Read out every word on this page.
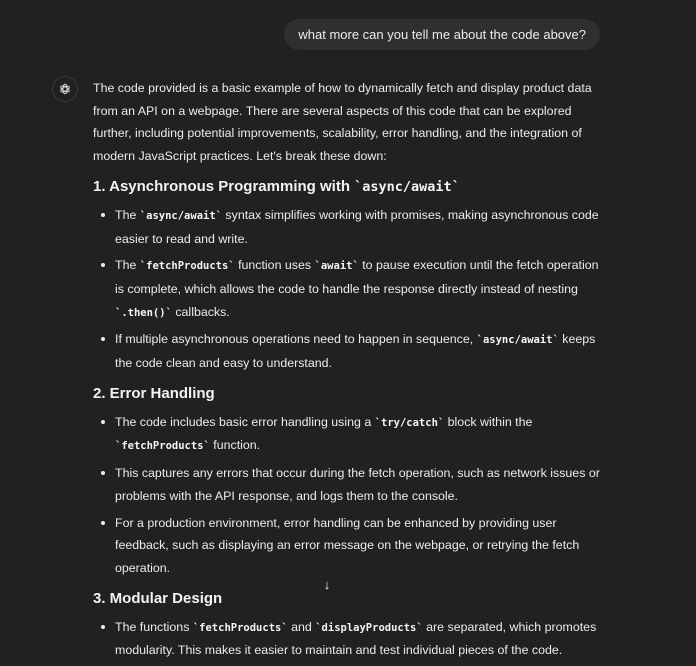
what more can you tell me about the code above?

The code provided is a basic example of how to dynamically fetch and display product data from an API on a webpage. There are several aspects of this code that can be explored further, including potential improvements, scalability, error handling, and the integration of modern JavaScript practices. Let's break these down:

1. Asynchronous Programming with `async/await`
The `async/await` syntax simplifies working with promises, making asynchronous code easier to read and write.
The `fetchProducts` function uses `await` to pause execution until the fetch operation is complete, which allows the code to handle the response directly instead of nesting `.then()` callbacks.
If multiple asynchronous operations need to happen in sequence, `async/await` keeps the code clean and easy to understand.
2. Error Handling
The code includes basic error handling using a `try/catch` block within the `fetchProducts` function.
This captures any errors that occur during the fetch operation, such as network issues or problems with the API response, and logs them to the console.
For a production environment, error handling can be enhanced by providing user feedback, such as displaying an error message on the webpage, or retrying the fetch operation.
3. Modular Design
The functions `fetchProducts` and `displayProducts` are separated, which promotes modularity. This makes it easier to maintain and test individual pieces of the code.
↓
